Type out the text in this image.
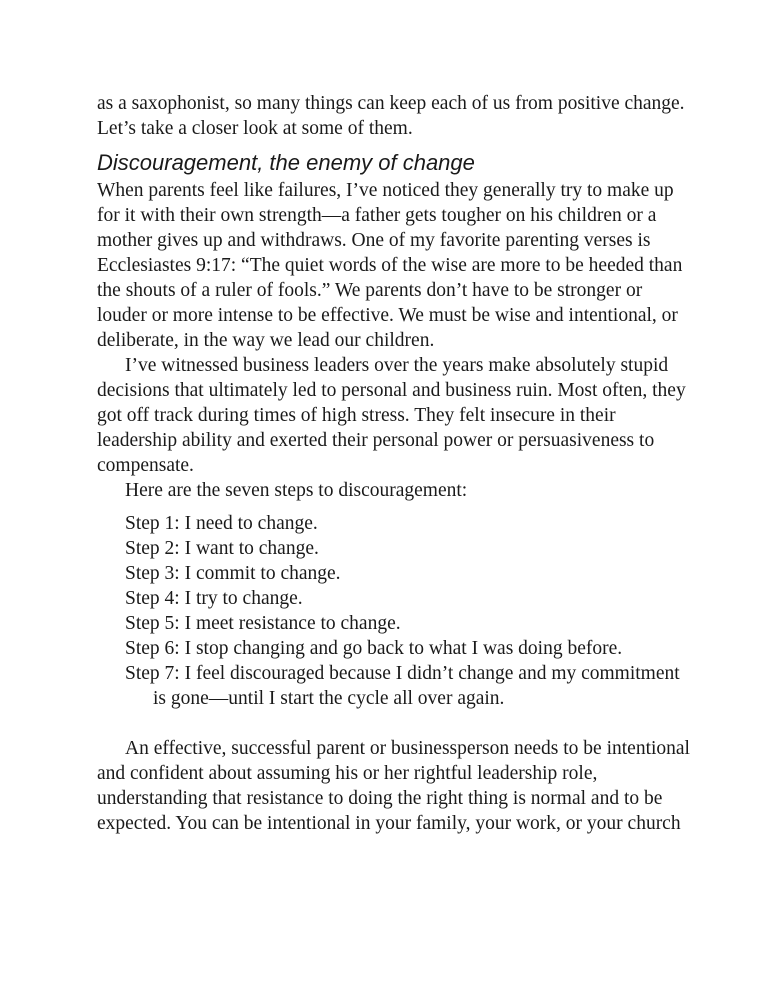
as a saxophonist, so many things can keep each of us from positive change.
Let’s take a closer look at some of them.

Discouragement, the enemy of change

When parents feel like failures, I’ve noticed they generally try to make up
for it with their own strength—a father gets tougher on his children or a
mother gives up and withdraws. One of my favorite parenting verses is
Ecclesiastes 9:17: “The quiet words of the wise are more to be heeded than
the shouts of a ruler of fools.” We parents don’t have to be stronger or
louder or more intense to be effective. We must be wise and intentional, or
deliberate, in the way we lead our children.

I’ve witnessed business leaders over the years make absolutely stupid
decisions that ultimately led to personal and business ruin. Most often, they
got off track during times of high stress. They felt insecure in their
leadership ability and exerted their personal power or persuasiveness to
compensate.

Here are the seven steps to discouragement:

Step 1: I need to change.
Step 2: I want to change.
Step 3: I commit to change.
Step 4: I try to change.
Step 5: I meet resistance to change.
Step 6: I stop changing and go back to what I was doing before.
Step 7: I feel discouraged because I didn’t change and my commitment
is gone—until I start the cycle all over again.

An effective, successful parent or businessperson needs to be intentional
and confident about assuming his or her rightful leadership role,
understanding that resistance to doing the right thing is normal and to be
expected. You can be intentional in your family, your work, or your church
